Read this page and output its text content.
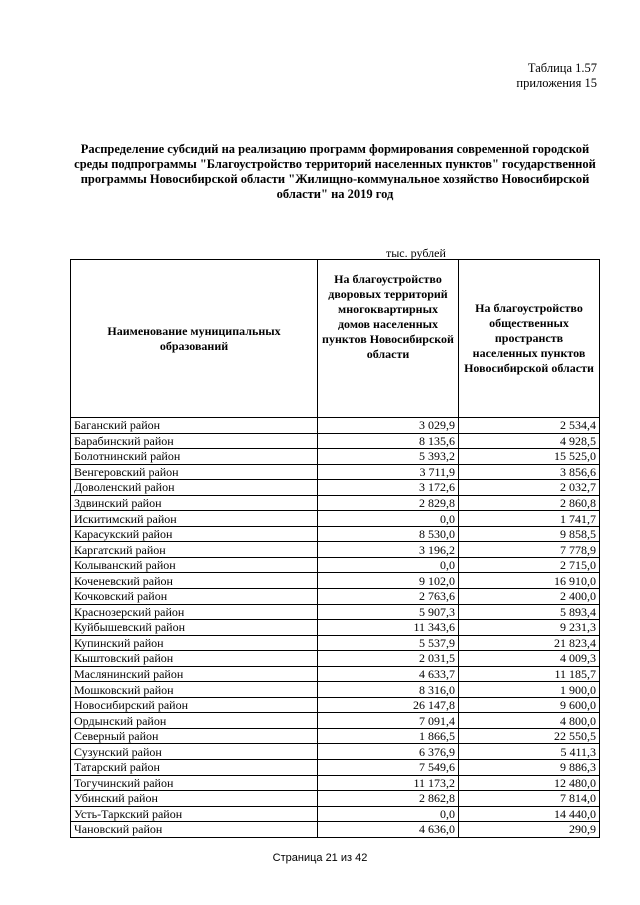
Таблица 1.57
приложения 15
Распределение субсидий на реализацию программ формирования современной городской среды подпрограммы "Благоустройство территорий населенных пунктов" государственной программы Новосибирской области "Жилищно-коммунальное хозяйство Новосибирской области" на 2019 год
тыс. рублей
Наименование муниципальных образований	На благоустройство дворовых территорий многоквартирных домов населенных пунктов Новосибирской области	На благоустройство общественных пространств населенных пунктов Новосибирской области
Баганский район	3 029,9	2 534,4
Барабинский район	8 135,6	4 928,5
Болотнинский район	5 393,2	15 525,0
Венгеровский район	3 711,9	3 856,6
Доволенский район	3 172,6	2 032,7
Здвинский район	2 829,8	2 860,8
Искитимский район	0,0	1 741,7
Карасукский район	8 530,0	9 858,5
Каргатский район	3 196,2	7 778,9
Колыванский район	0,0	2 715,0
Коченевский район	9 102,0	16 910,0
Кочковский район	2 763,6	2 400,0
Краснозерский район	5 907,3	5 893,4
Куйбышевский район	11 343,6	9 231,3
Купинский район	5 537,9	21 823,4
Кыштовский район	2 031,5	4 009,3
Маслянинский район	4 633,7	11 185,7
Мошковский район	8 316,0	1 900,0
Новосибирский район	26 147,8	9 600,0
Ордынский район	7 091,4	4 800,0
Северный район	1 866,5	22 550,5
Сузунский район	6 376,9	5 411,3
Татарский район	7 549,6	9 886,3
Тогучинский район	11 173,2	12 480,0
Убинский район	2 862,8	7 814,0
Усть-Таркский район	0,0	14 440,0
Чановский район	4 636,0	290,9
Страница 21 из 42
